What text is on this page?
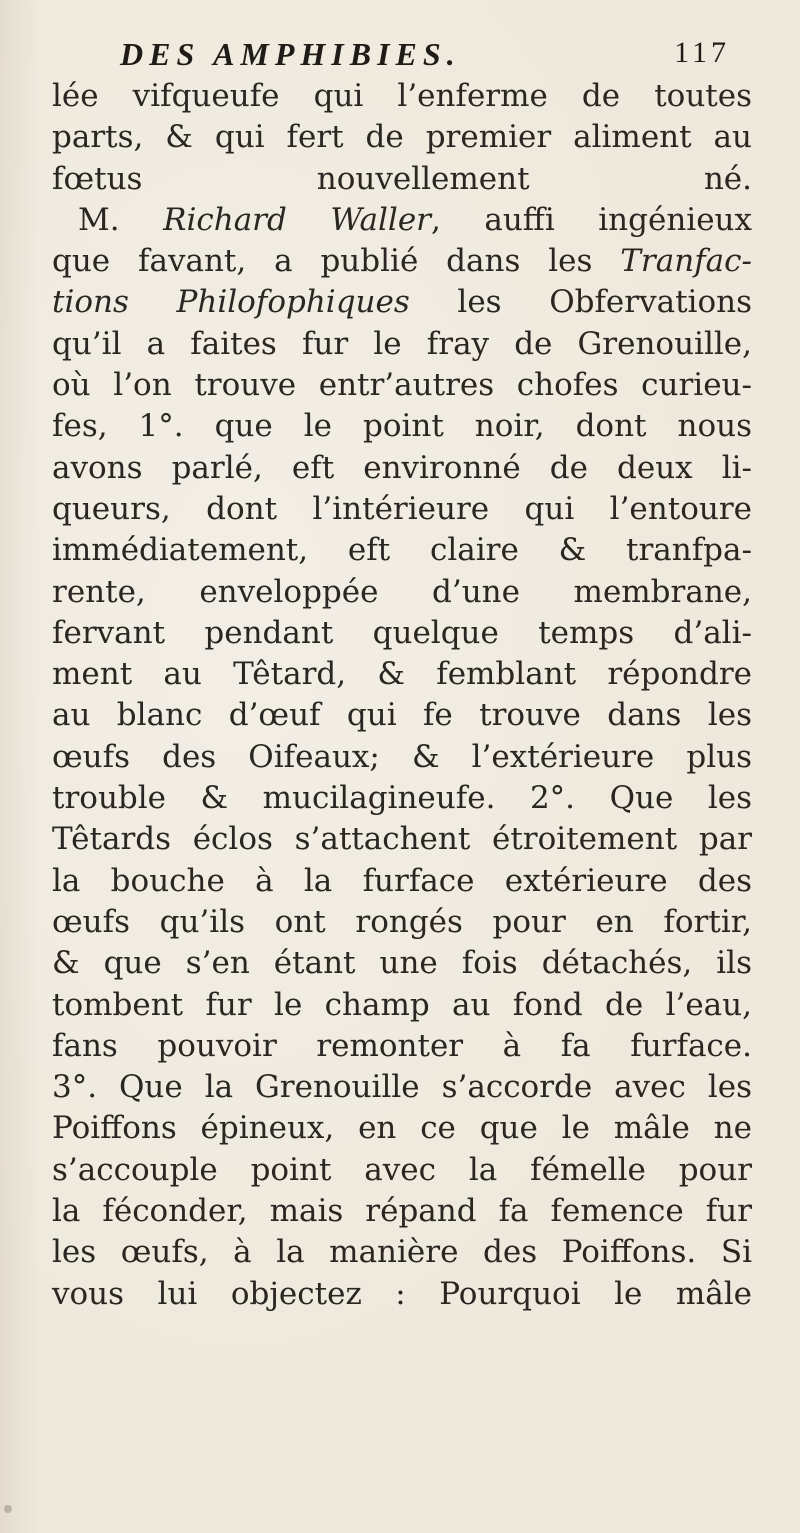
DES AMPHIBIES.	117
lée vifqueufe qui l’enferme de toutes
parts, & qui fert de premier aliment au
fœtus nouvellement né.
M. Richard Waller, auffi ingénieux
que favant, a publié dans les Tranfac-
tions Philofophiques les Obfervations
qu’il a faites fur le fray de Grenouille,
où l’on trouve entr’autres chofes curieu-
fes, 1°. que le point noir, dont nous
avons parlé, eft environné de deux li-
queurs, dont l’intérieure qui l’entoure
immédiatement, eft claire & tranfpa-
rente, enveloppée d’une membrane,
fervant pendant quelque temps d’ali-
ment au Têtard, & femblant répondre
au blanc d’œuf qui fe trouve dans les
œufs des Oifeaux; & l’extérieure plus
trouble & mucilagineufe. 2°. Que les
Têtards éclos s’attachent étroitement par
la bouche à la furface extérieure des
œufs qu’ils ont rongés pour en fortir,
& que s’en étant une fois détachés, ils
tombent fur le champ au fond de l’eau,
fans pouvoir remonter à fa furface.
3°. Que la Grenouille s’accorde avec les
Poiffons épineux, en ce que le mâle ne
s’accouple point avec la fémelle pour
la féconder, mais répand fa femence fur
les œufs, à la manière des Poiffons. Si
vous lui objectez : Pourquoi le mâle
